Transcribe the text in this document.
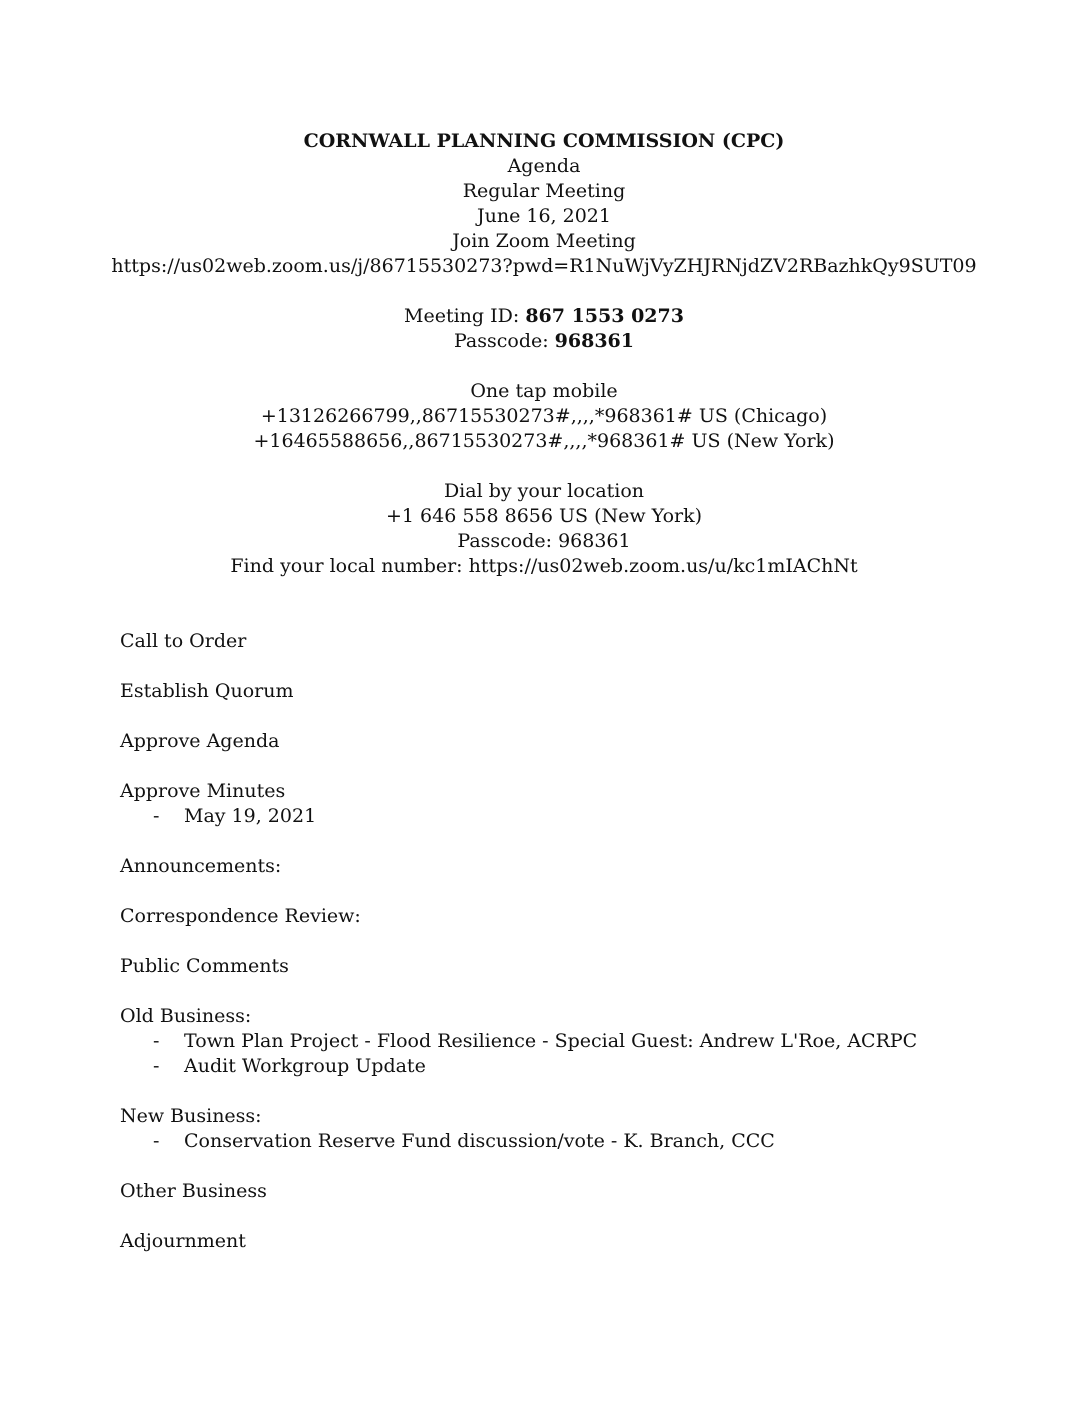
CORNWALL PLANNING COMMISSION (CPC)
Agenda
Regular Meeting
June 16, 2021
Join Zoom Meeting
https://us02web.zoom.us/j/86715530273?pwd=R1NuWjVyZHJRNjdZV2RBazhkQy9SUT09
Meeting ID: 867 1553 0273
Passcode: 968361
One tap mobile
+13126266799,,86715530273#,,,,*968361# US (Chicago)
+16465588656,,86715530273#,,,,*968361# US (New York)
Dial by your location
+1 646 558 8656 US (New York)
Passcode: 968361
Find your local number: https://us02web.zoom.us/u/kc1mIAChNt
Call to Order
Establish Quorum
Approve Agenda
Approve Minutes
- May 19, 2021
Announcements:
Correspondence Review:
Public Comments
Old Business:
- Town Plan Project - Flood Resilience - Special Guest: Andrew L'Roe, ACRPC
- Audit Workgroup Update
New Business:
- Conservation Reserve Fund discussion/vote - K. Branch, CCC
Other Business
Adjournment
